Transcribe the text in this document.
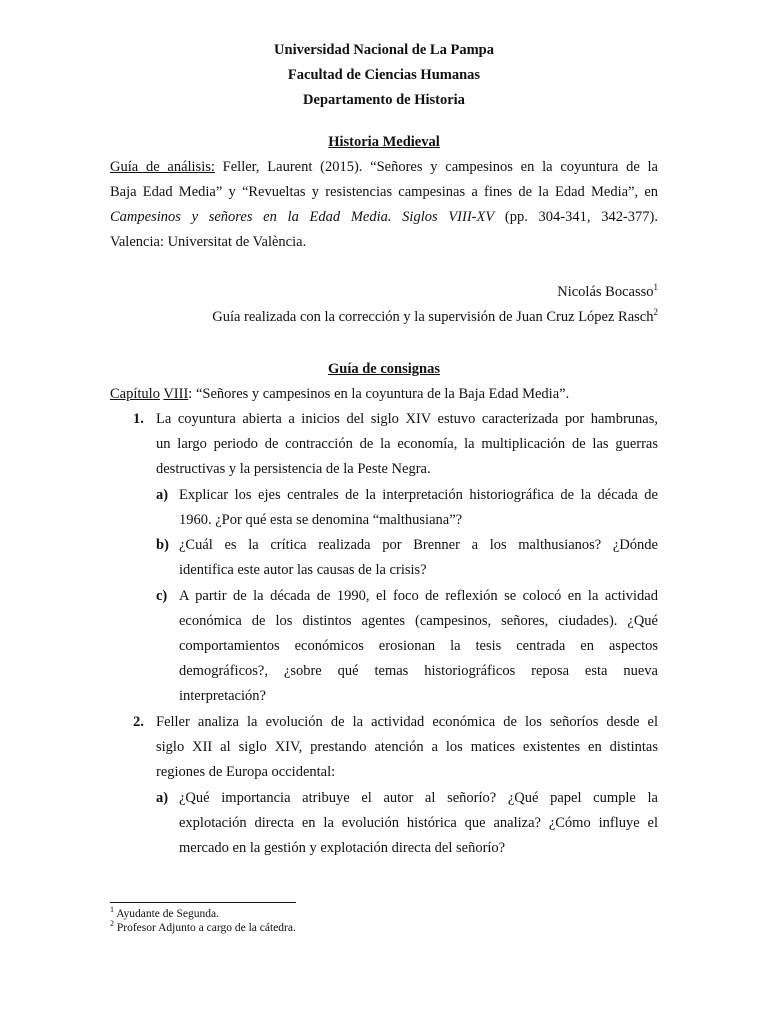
Universidad Nacional de La Pampa
Facultad de Ciencias Humanas
Departamento de Historia
Historia Medieval
Guía de análisis: Feller, Laurent (2015). “Señores y campesinos en la coyuntura de la
Baja Edad Media” y “Revueltas y resistencias campesinas a fines de la Edad Media”, en
Campesinos y señores en la Edad Media. Siglos VIII-XV (pp. 304-341, 342-377).
Valencia: Universitat de València.
Nicolás Bocasso$^1$
Guía realizada con la corrección y la supervisión de Juan Cruz López Rasch$^2$
Guía de consignas
Capítulo VIII: “Señores y campesinos en la coyuntura de la Baja Edad Media”.
1. La coyuntura abierta a inicios del siglo XIV estuvo caracterizada por hambrunas,
un largo periodo de contracción de la economía, la multiplicación de las guerras
destructivas y la persistencia de la Peste Negra.
a) Explicar los ejes centrales de la interpretación historiográfica de la década de
1960. ¿Por qué esta se denomina “malthusiana”?
b) ¿Cuál es la crítica realizada por Brenner a los malthusianos? ¿Dónde
identifica este autor las causas de la crisis?
c) A partir de la década de 1990, el foco de reflexión se colocó en la actividad
económica de los distintos agentes (campesinos, señores, ciudades). ¿Qué
comportamientos económicos erosionan la tesis centrada en aspectos
demográficos?, ¿sobre qué temas historiográficos reposa esta nueva
interpretación?
2. Feller analiza la evolución de la actividad económica de los señoríos desde el
siglo XII al siglo XIV, prestando atención a los matices existentes en distintas
regiones de Europa occidental:
a) ¿Qué importancia atribuye el autor al señorío? ¿Qué papel cumple la
explotación directa en la evolución histórica que analiza? ¿Cómo influye el
mercado en la gestión y explotación directa del señorío?
$^1$ Ayudante de Segunda.
$^2$ Profesor Adjunto a cargo de la cátedra.
